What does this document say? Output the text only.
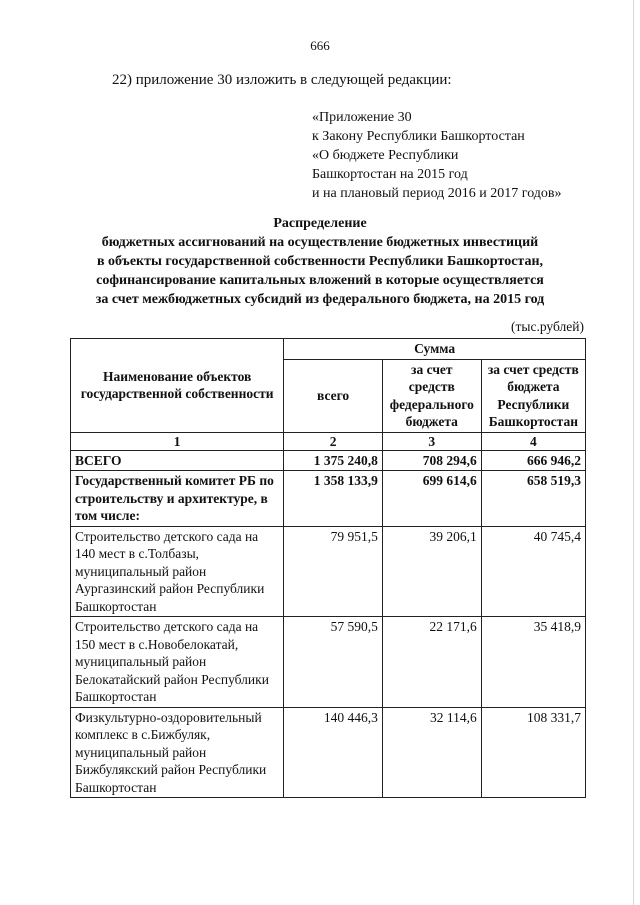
666
22) приложение 30 изложить в следующей редакции:
«Приложение 30
к Закону Республики Башкортостан
«О бюджете Республики
Башкортостан на 2015 год
и на плановый период 2016 и 2017 годов»
Распределение
бюджетных ассигнований на осуществление бюджетных инвестиций
в объекты государственной собственности Республики Башкортостан,
софинансирование капитальных вложений в которые осуществляется
за счет межбюджетных субсидий из федерального бюджета, на 2015 год
(тыс.рублей)
Наименование объектов государственной собственности	Сумма		
	всего	за счет средств федерального бюджета	за счет средств бюджета Республики Башкортостан
1	2	3	4
ВСЕГО	1 375 240,8	708 294,6	666 946,2
Государственный комитет РБ по строительству и архитектуре, в том числе:	1 358 133,9	699 614,6	658 519,3
Строительство детского сада на 140 мест в с.Толбазы, муниципальный район Аургазинский район Республики Башкортостан	79 951,5	39 206,1	40 745,4
Строительство детского сада на 150 мест в с.Новобелокатай, муниципальный район Белокатайский район Республики Башкортостан	57 590,5	22 171,6	35 418,9
Физкультурно-оздоровительный комплекс в с.Бижбуляк, муниципальный район Бижбулякский район Республики Башкортостан	140 446,3	32 114,6	108 331,7
